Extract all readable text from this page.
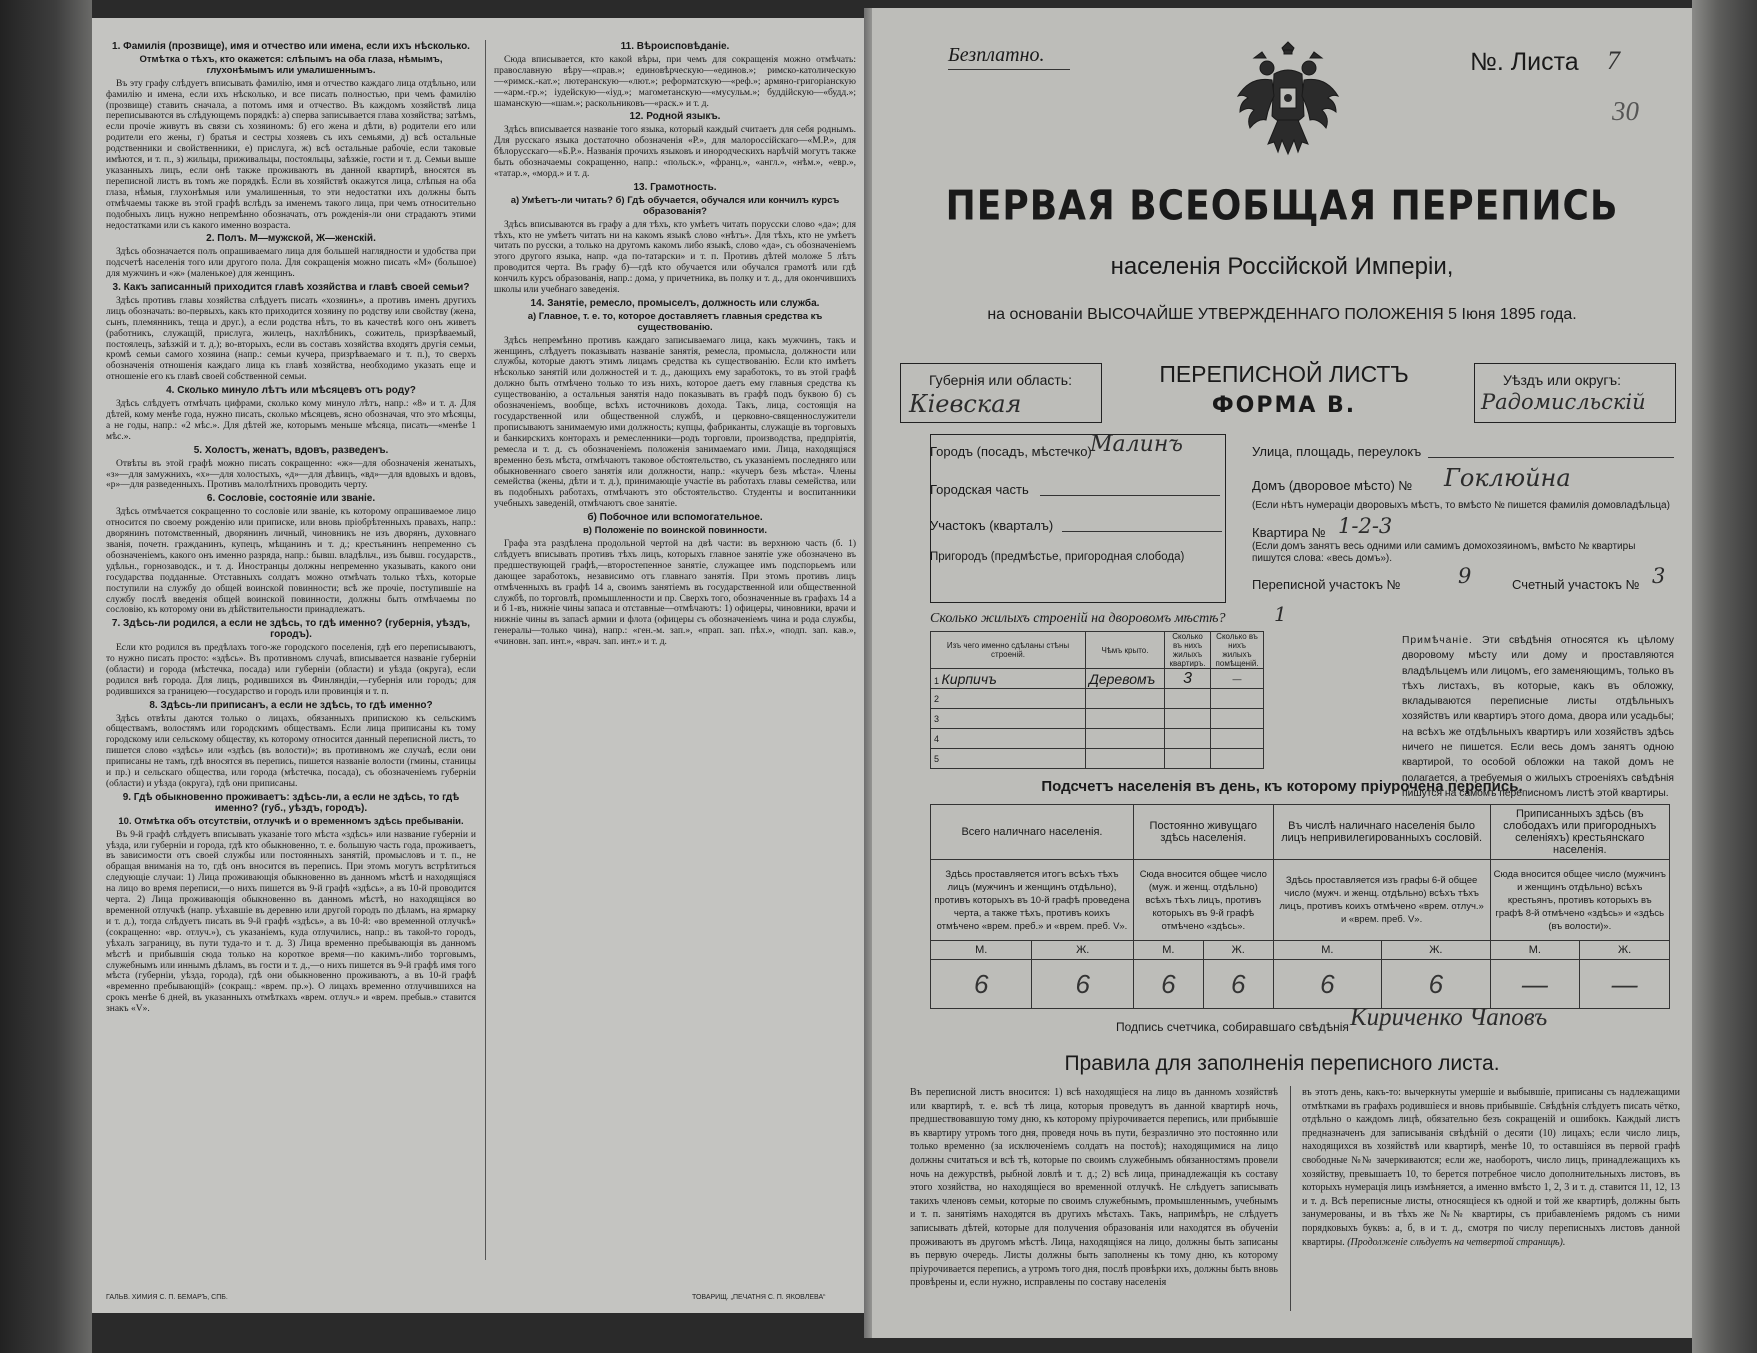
1. Фамилія (прозвище), имя и отчество или имена, если ихъ нѣсколько.
Отмѣтка о тѣхъ, кто окажется: слѣпымъ на оба глаза, нѣмымъ, глухонѣмымъ или умалишеннымъ.

Въ эту графу слѣдуетъ вписывать фамилію, имя и отчество каждаго лица отдѣльно, или фамилію и имена, если ихъ нѣсколько, и все писать полностью, при чемъ фамилію (прозвище) ставить сначала, а потомъ имя и отчество. Въ каждомъ хозяйствѣ лица переписываются въ слѣдующемъ порядкѣ: а) сперва записывается глава хозяйства; затѣмъ, если прочіе живутъ въ связи съ хозяиномъ: б) его жена и дѣти, в) родители его или родители его жены, г) братья и сестры хозяевъ съ ихъ семьями, д) всѣ остальные родственники и свойственники, е) прислуга, ж) всѣ остальные рабочіе, если таковые имѣются, и т. п., з) жильцы, приживальцы, постояльцы, заѣзжіе, гости и т. д. Семьи выше указанныхъ лицъ, если онѣ также проживаютъ въ данной квартирѣ, вносятся въ переписной листъ въ томъ же порядкѣ. Если въ хозяйствѣ окажутся лица, слѣпыя на оба глаза, нѣмыя, глухонѣмыя или умалишенныя, то эти недостатки ихъ должны быть отмѣчаемы также въ этой графѣ вслѣдъ за именемъ такого лица, при чемъ относительно подобныхъ лицъ нужно непремѣнно обозначать, отъ рожденія-ли они страдаютъ этими недостатками или съ какого именно возраста.

2. Полъ. М—мужской, Ж—женскій.

Здѣсь обозначается полъ опрашиваемаго лица для большей наглядности и удобства при подсчетѣ населенія того или другого пола. Для сокращенія можно писать «М» (большое) для мужчинъ и «ж» (маленькое) для женщинъ.

3. Какъ записанный приходится главѣ хозяйства и главѣ своей семьи?

Здѣсь противъ главы хозяйства слѣдуетъ писать «хозяинъ», а противъ именъ другихъ лицъ обозначать: во-первыхъ, какъ кто приходится хозяину по родству или свойству (жена, сынъ, племянникъ, теща и друг.), а если родства нѣтъ, то въ качествѣ кого онъ живетъ (работникъ, служащій, прислуга, жилецъ, нахлѣбникъ, сожитель, призрѣваемый, постоялецъ, заѣзжій и т. д.); во-вторыхъ, если въ составъ хозяйства входятъ другія семьи, кромѣ семьи самого хозяина (напр.: семьи кучера, призрѣваемаго и т. п.), то сверхъ обозначенія отношенія каждаго лица къ главѣ хозяйства, необходимо указать еще и отношеніе его къ главѣ своей собственной семьи.

4. Сколько минуло лѣтъ или мѣсяцевъ отъ роду?

Здѣсь слѣдуетъ отмѣчать цифрами, сколько кому минуло лѣтъ, напр.: «8» и т. д. Для дѣтей, кому менѣе года, нужно писать, сколько мѣсяцевъ, ясно обозначая, что это мѣсяцы, а не годы, напр.: «2 мѣс.». Для дѣтей же, которымъ меньше мѣсяца, писать—«менѣе 1 мѣс.».

5. Холостъ, женатъ, вдовъ, разведенъ.

Отвѣты въ этой графѣ можно писать сокращенно: «ж»—для обозначенія женатыхъ, «з»—для замужнихъ, «х»—для холостыхъ, «д»—для дѣвицъ, «вд»—для вдовыхъ и вдовъ, «р»—для разведенныхъ. Противъ малолѣтнихъ проводить черту.

6. Сословіе, состояніе или званіе.

Здѣсь отмѣчается сокращенно то сословіе или званіе, къ которому опрашиваемое лицо относится по своему рожденію или приписке, или вновь пріобрѣтенныхъ правахъ, напр.: дворянинъ потомственный, дворянинъ личный, чиновникъ не изъ дворянъ, духовнаго званія, почетн. гражданинъ, купецъ, мѣщанинъ и т. д.; крестьянинъ непременно съ обозначеніемъ, какого онъ именно разряда, напр.: бывш. владѣльч., изъ бывш. государств., удѣльн., горнозаводск., и т. д. Иностранцы должны непременно указывать, какого они государства подданные. Отставныхъ солдатъ можно отмѣчать только тѣхъ, которые поступили на службу до общей воинской повинности; всѣ же прочіе, поступившіе на службу послѣ введенія общей воинской повинности, должны быть отмѣчаемы по сословію, къ которому они въ дѣйствительности принадлежатъ.

7. Здѣсь-ли родился, а если не здѣсь, то гдѣ именно? (губернія, уѣздъ, городъ).

Если кто родился въ предѣлахъ того-же городского поселенія, гдѣ его переписываютъ, то нужно писать просто: «здѣсь». Въ противномъ случаѣ, вписывается названіе губерніи (области) и города (мѣстечка, посада) или губерніи (области) и уѣзда (округа), если родился внѣ города. Для лицъ, родившихся въ Финляндіи,—губернія или городъ; для родившихся за границею—государство и городъ или провинція и т. п.

8. Здѣсь-ли приписанъ, а если не здѣсь, то гдѣ именно?

Здѣсь отвѣты даются только о лицахъ, обязанныхъ припискою къ сельскимъ обществамъ, волостямъ или городскимъ обществамъ. Если лица приписаны къ тому городскому или сельскому обществу, къ которому относится данный переписной листъ, то пишется слово «здѣсь» или «здѣсь (въ волости)»; въ противномъ же случаѣ, если они приписаны не тамъ, гдѣ вносятся въ перепись, пишется названіе волости (гмины, станицы и пр.) и сельскаго общества, или города (мѣстечка, посада), съ обозначеніемъ губерніи (области) и уѣзда (округа), гдѣ они приписаны.

9. Гдѣ обыкновенно проживаетъ: здѣсь-ли, а если не здѣсь, то гдѣ именно? (губ., уѣздъ, городъ).
10. Отмѣтка объ отсутствіи, отлучкѣ и о временномъ здѣсь пребываніи.

Въ 9-й графѣ слѣдуетъ вписывать указаніе того мѣста «здѣсь» или название губерніи и уѣзда, или губерніи и города, гдѣ кто обыкновенно, т. е. большую часть года, проживаетъ, въ зависимости отъ своей службы или постоянныхъ занятій, промысловъ и т. п., не обращая вниманія на то, гдѣ онъ вносится въ перепись. При этомъ могутъ встрѣтиться следующіе случаи: 1) Лица проживающія обыкновенно въ данномъ мѣстѣ и находящіяся на лицо во время переписи,—о нихъ пишется въ 9-й графѣ «здѣсь», а въ 10-й проводится черта. 2) Лица проживающія обыкновенно въ данномъ мѣстѣ, но находящіяся во временной отлучкѣ (напр. уѣхавшіе въ деревню или другой городъ по дѣламъ, на ярмарку и т. д.), тогда слѣдуетъ писать въ 9-й графѣ «здѣсь», а въ 10-й: «во временной отлучкѣ» (сокращенно: «вр. отлуч.»), съ указаніемъ, куда отлучились, напр.: въ такой-то городъ, уѣхалъ заграницу, въ пути туда-то и т. д. 3) Лица временно пребывающія въ данномъ мѣстѣ и прибывшія сюда только на короткое время—по какимъ-либо торговымъ, служебнымъ или иннымъ дѣламъ, въ гости и т. д.,—о нихъ пишется въ 9-й графѣ имя того мѣста (губерніи, уѣзда, города), гдѣ они обыкновенно проживаютъ, а въ 10-й графѣ «временно пребывающій» (сокращ.: «врем. пр.»). О лицахъ временно отлучившихся на срокъ менѣе 6 дней, въ указанныхъ отмѣткахъ «врем. отлуч.» и «врем. пребыв.» ставится знакъ «V».

11. Вѣроисповѣданіе.

Сюда вписывается, кто какой вѣры, при чемъ для сокращенія можно отмѣчать: православную вѣру—«прав.»; единовѣрческую—«единов.»; римско-католическую—«римск.-кат.»; лютеранскую—«лют.»; реформатскую—«реф.»; армяно-григоріанскую—«арм.-гр.»; іудейскую—«іуд.»; магометанскую—«мусульм.»; буддійскую—«будд.»; шаманскую—«шам.»; раскольниковъ—«раск.» и т. д.

12. Родной языкъ.

Здѣсь вписывается названіе того языка, который каждый считаетъ для себя роднымъ. Для русскаго языка достаточно обозначенія «Р.», для малороссійскаго—«М.Р.», для бѣлорусскаго—«Б.Р.». Названія прочихъ языковъ и инородческихъ нарѣчій могутъ также быть обозначаемы сокращенно, напр.: «польск.», «франц.», «англ.», «нѣм.», «евр.», «татар.», «морд.» и т. д.

13. Грамотность.
а) Умѣетъ-ли читать? б) Гдѣ обучается, обучался или кончилъ курсъ образованія?

Здѣсь вписываются въ графу а для тѣхъ, кто умѣетъ читать порусски слово «да»; для тѣхъ, кто не умѣетъ читать ни на какомъ языкѣ слово «нѣтъ». Для тѣхъ, кто не умѣетъ читать по русски, а только на другомъ какомъ либо языкѣ, слово «да», съ обозначеніемъ этого другого языка, напр. «да по-татарски» и т. п. Противъ дѣтей моложе 5 лѣтъ проводится черта. Въ графу б)—гдѣ кто обучается или обучался грамотѣ или гдѣ кончилъ курсъ образованія, напр.: дома, у причетника, въ полку и т. д., для окончившихъ школы или учебнаго заведенія.

14. Занятіе, ремесло, промыселъ, должность или служба.
а) Главное, т. е. то, которое доставляетъ главныя средства къ существованію.

Здѣсь непремѣнно противъ каждаго записываемаго лица, какъ мужчинъ, такъ и женщинъ, слѣдуетъ показывать названіе занятія, ремесла, промысла, должности или службы, которые даютъ этимъ лицамъ средства къ существованію. Если кто имѣетъ нѣсколько занятій или должностей и т. д., дающихъ ему заработокъ, то въ этой графѣ должно быть отмѣчено только то изъ нихъ, которое даетъ ему главныя средства къ существованію, а остальныя занятія надо показывать въ графѣ подъ буквою б) съ обозначеніемъ, вообще, всѣхъ источниковъ дохода. Такъ, лица, состоящія на государственной или общественной службѣ, и церковно-священнослужители прописываютъ занимаемую ими должность; купцы, фабриканты, служащіе въ торговыхъ и банкирскихъ конторахъ и ремесленники—родъ торговли, производства, предпріятія, ремесла и т. д. съ обозначеніемъ положенія занимаемаго ими. Лица, находящіяся временно безъ мѣста, отмѣчаютъ таковое обстоятельство, съ указаніемъ последняго или обыкновеннаго своего занятія или должности, напр.: «кучеръ безъ мѣста». Члены семейства (жены, дѣти и т. д.), принимающіе участіе въ работахъ главы семейства, или въ подобныхъ работахъ, отмѣчаютъ это обстоятельство. Студенты и воспитанники учебныхъ заведеній, отмѣчаютъ свое занятіе.

б) Побочное или вспомогательное.
в) Положеніе по воинской повинности.

Графа эта раздѣлена продольной чертой на двѣ части: въ верхнюю часть (б. 1) слѣдуетъ вписывать противъ тѣхъ лицъ, которыхъ главное занятіе уже обозначено въ предшествующей графѣ,—второстепенное занятіе, служащее имъ подспорьемъ или дающее заработокъ, независимо отъ главнаго занятія. При этомъ противъ лицъ отмѣченныхъ въ графѣ 14 а, своимъ занятіемъ въ государственной или общественной службѣ, по торговлѣ, промышленности и пр. Сверхъ того, обозначенные въ графахъ 14 а и б 1-въ, нижніе чины запаса и отставные—отмѣчаютъ: 1) офицеры, чиновники, врачи и нижніе чины въ запасѣ армии и флота (офицеры съ обозначеніемъ чина и рода службы, генералы—только чина), напр.: «ген.-м. зап.», «прап. зап. пѣх.», «подп. зап. кав.», «чиновн. зап. инт.», «врач. зап. инт.» и т. д.

ГАЛЬВ. ХИМИЯ С. П. БЕМАРЪ, СПБ.	ТОВАРИЩ. „ПЕЧАТНЯ С. П. ЯКОВЛЕВА“
Безплатно.	№. Листа 7
30
ПЕРВАЯ ВСЕОБЩАЯ ПЕРЕПИСЬ
населенія Россійской Имперіи,
на основаніи ВЫСОЧАЙШЕ УТВЕРЖДЕННАГО ПОЛОЖЕНІЯ 5 Іюня 1895 года.
Губернія или область:
Кіевская
ПЕРЕПИСНОЙ ЛИСТЪ
ФОРМА В.
Уѣздъ или округъ:
Радомисльскій
Городъ (посадъ, мѣстечко)
Малинъ
Городская часть
Участокъ (кварталъ)
Пригородъ (предмѣстье, пригородная слобода)
Улица, площадь, переулокъ
Домъ (дворовое мѣсто) № Гоклюйна
(Если нѣтъ нумераціи дворовыхъ мѣстъ, то вмѣсто № пишется фамилія домовладѣльца)
Квартира № 1-2-3
(Если домъ занятъ весь одними или самимъ домохозяиномъ, вмѣсто № квартиры пишутся слова: «весь домъ»).
Переписной участокъ №	9	Счетный участокъ № 3
Сколько жилыхъ строеній на дворовомъ мѣстѣ? 1
Изъ чего именно сдѣланы стѣны строеній.	Чѣмъ крыто.	Сколько въ нихъ жилыхъ квартиръ.	Сколько въ нихъ жилыхъ помѣщеній.
1 Кирпичъ	Деревомъ	3	—
2			
3			
4			
5			
Примѣчаніе. Эти свѣдѣнія относятся къ цѣлому дворовому мѣсту или дому и проставляются владѣльцемъ или лицомъ, его заменяющимъ, только въ тѣхъ листахъ, въ которые, какъ въ обложку, вкладываются переписные листы отдѣльныхъ хозяйствъ или квартиръ этого дома, двора или усадьбы; на всѣхъ же отдѣльныхъ квартиръ или хозяйствъ здѣсь ничего не пишется. Если весь домъ занятъ одною квартирой, то особой обложки на такой домъ не полагается, а требуемыя о жилыхъ строеніяхъ свѣдѣнія пишутся на самомъ переписномъ листѣ этой квартиры.
Подсчетъ населенія въ день, къ которому пріурочена перепись.
Всего наличнаго населенія.		Постоянно живущаго здѣсь населенія.		Въ числѣ наличнаго населенія было лицъ непривилегированныхъ сословій.		Приписанныхъ здѣсь (въ слободахъ или пригородныхъ селеніяхъ) крестьянскаго населенія.	
Здѣсь проставляется итогъ всѣхъ тѣхъ лицъ (мужчинъ и женщинъ отдѣльно), противъ которыхъ въ 10-й графѣ проведена черта, а также тѣхъ, противъ коихъ отмѣчено «врем. преб.» и «врем. преб. V».		Сюда вносится общее число (муж. и женщ. отдѣльно) всѣхъ тѣхъ лицъ, противъ которыхъ въ 9-й графѣ отмѣчено «здѣсь».		Здѣсь проставляется изъ графы 6-й общее число (мужч. и женщ. отдѣльно) всѣхъ тѣхъ лицъ, противъ коихъ отмѣчено «врем. отлуч.» и «врем. преб. V».		Сюда вносится общее число (мужчинъ и женщинъ отдѣльно) всѣхъ крестьянъ, противъ которыхъ въ графѣ 8-й отмѣчено «здѣсь» и «здѣсь (въ волости)».	
М.	Ж.	М.	Ж.	М.	Ж.	М.	Ж.
6	6	6	6	6	6	—	—
Подпись счетчика, собиравшаго свѣдѣнія Кириченко Чаповъ
Правила для заполненія переписного листа.
Въ переписной листъ вносится: 1) всѣ находящіеся на лицо въ данномъ хозяйствѣ или квартирѣ, т. е. всѣ тѣ лица, которыя проведутъ въ данной квартирѣ ночь, предшествовавшую тому дню, къ которому пріурочивается перепись, или прибывшіе въ квартиру утромъ того дня, проведя ночь въ пути, безразлично это постоянно или только временно (за исключеніемъ солдатъ на постоѣ); находящимися на лицо должны считаться и всѣ тѣ, которые по своимъ служебнымъ обязанностямъ провели ночь на дежурствѣ, рыбной ловлѣ и т. д.; 2) всѣ лица, принадлежащія къ составу этого хозяйства, но находящіеся во временной отлучкѣ. Не слѣдуетъ записывать такихъ членовъ семьи, которые по своимъ служебнымъ, промышленнымъ, учебнымъ и т. п. занятіямъ находятся въ другихъ мѣстахъ. Такъ, напримѣръ, не слѣдуетъ записывать дѣтей, которые для получения образованія или находятся въ обученіи проживаютъ въ другомъ мѣстѣ. Лица, находящіяся на лицо, должны быть записаны въ первую очередь. Листы должны быть заполнены къ тому дню, къ которому пріурочивается перепись, а утромъ того дня, послѣ провѣрки ихъ, должны быть вновь провѣрены и, если нужно, исправлены по составу населенія
въ этотъ день, какъ-то: вычеркнуты умершіе и выбывшіе, приписаны съ надлежащими отмѣтками въ графахъ родившіеся и вновь прибывшіе. Свѣдѣнія слѣдуетъ писать чётко, отдѣльно о каждомъ лицѣ, обязательно безъ сокращеній и ошибокъ. Каждый листъ предназначенъ для записыванія свѣдѣній о десяти (10) лицахъ; если число лицъ, находящихся въ хозяйствѣ или квартирѣ, менѣе 10, то оставшіяся въ первой графѣ свободные №№ зачеркиваются; если же, наоборотъ, число лицъ, принадлежащихъ къ хозяйству, превышаетъ 10, то берется потребное число дополнительныхъ листовъ, въ которыхъ нумерація лицъ измѣняется, а именно вмѣсто 1, 2, 3 и т. д. ставится 11, 12, 13 и т. д. Всѣ переписные листы, относящіеся къ одной и той же квартирѣ, должны быть занумерованы, и въ тѣхъ же №№ квартиры, съ прибавленіемъ рядомъ съ ними порядковыхъ буквъ: а, б, в и т. д., смотря по числу переписныхъ листовъ данной квартиры. (Продолженіе слѣдуетъ на четвертой страницѣ).
